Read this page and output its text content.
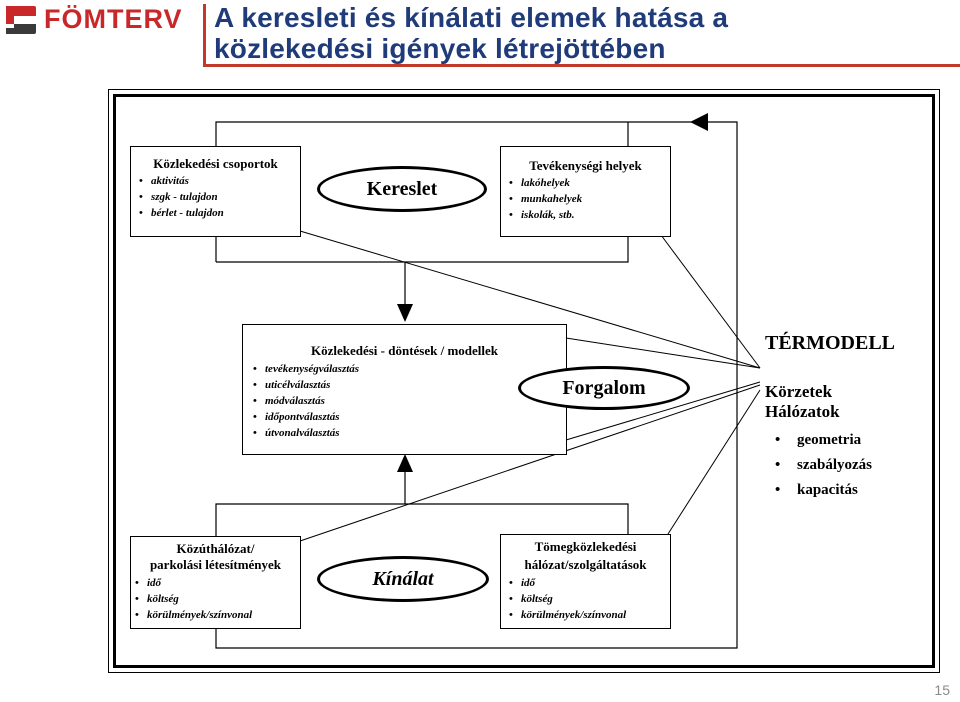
FÖMTERV A keresleti és kínálati elemek hatása a
közlekedési igények létrejöttében
Közlekedési csoportok
• aktivitás
• szgk - tulajdon
• bérlet - tulajdon
Tevékenységi helyek
• lakóhelyek
• munkahelyek
• iskolák, stb.
Kereslet
Közlekedési - döntések / modellek
• tevékenységválasztás
• uticélválasztás
• módválasztás
• időpontválasztás
• útvonalválasztás
Forgalom
Közúthálózat/
parkolási létesítmények
• idő
• költség
• körülmények/színvonal
Kínálat
Tömegközlekedési
hálózat/szolgáltatások
• idő
• költség
• körülmények/színvonal
TÉRMODELL
Körzetek
Hálózatok
• geometria
• szabályozás
• kapacitás
15
